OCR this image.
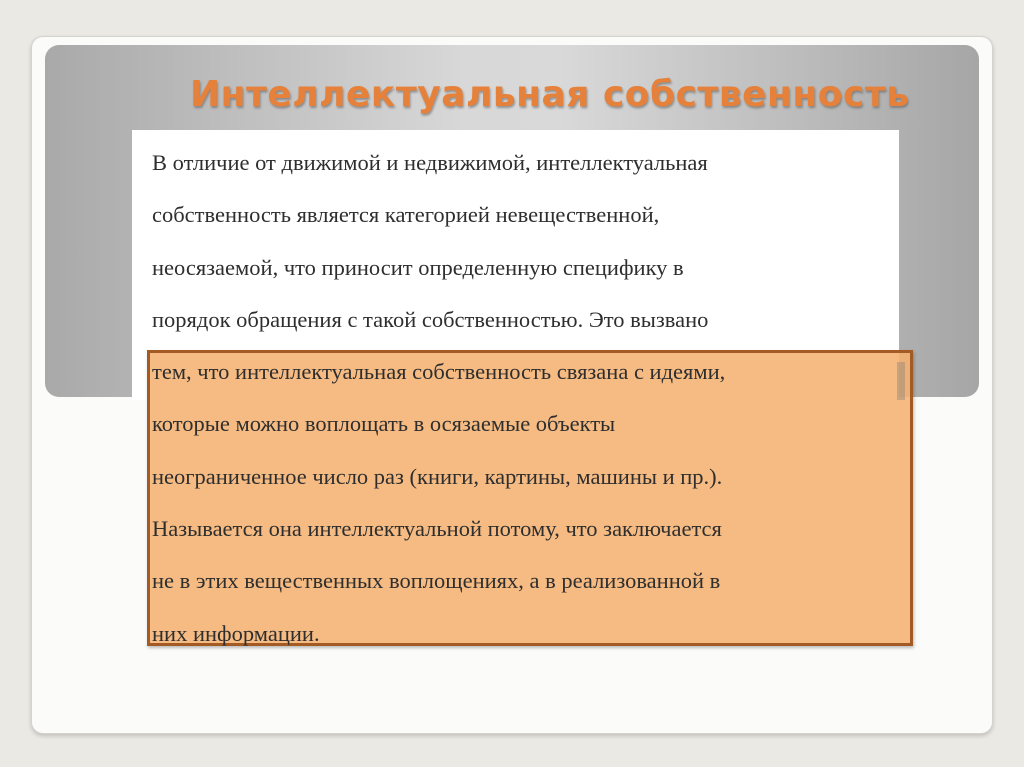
Интеллектуальная собственность
В отличие от движимой и недвижимой, интеллектуальная
собственность является категорией невещественной,
неосязаемой, что приносит определенную специфику в
порядок обращения с такой собственностью. Это вызвано
тем, что интеллектуальная собственность связана с идеями,
которые можно воплощать в осязаемые объекты
неограниченное число раз (книги, картины, машины и пр.).
Называется она интеллектуальной потому, что заключается
не в этих вещественных воплощениях, а в реализованной в
них информации.
